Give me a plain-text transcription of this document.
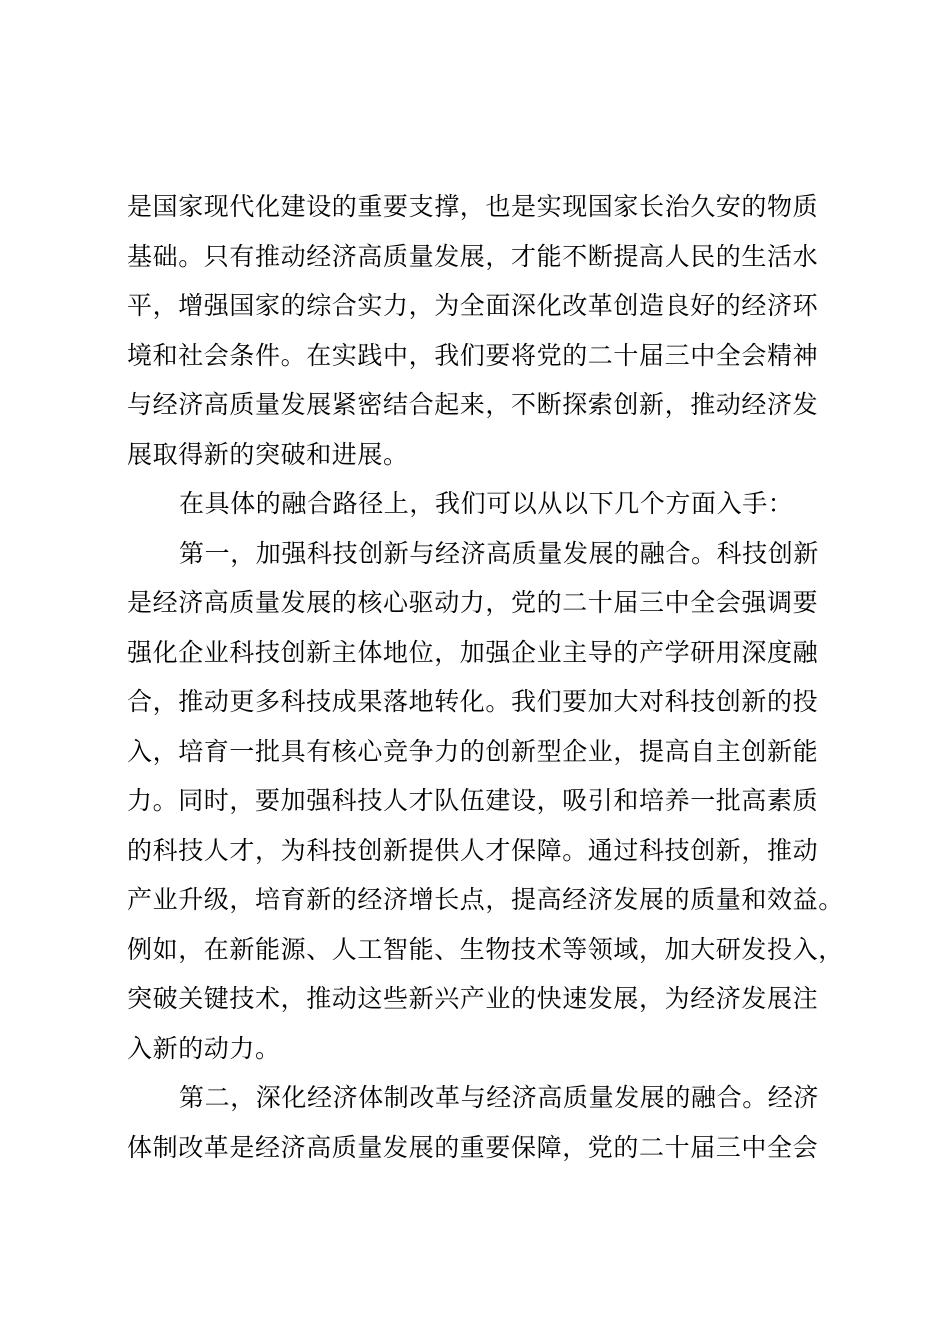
是国家现代化建设的重要支撑，也是实现国家长治久安的物质
基础。只有推动经济高质量发展，才能不断提高人民的生活水
平，增强国家的综合实力，为全面深化改革创造良好的经济环
境和社会条件。在实践中，我们要将党的二十届三中全会精神
与经济高质量发展紧密结合起来，不断探索创新，推动经济发
展取得新的突破和进展。
在具体的融合路径上，我们可以从以下几个方面入手：
第一，加强科技创新与经济高质量发展的融合。科技创新
是经济高质量发展的核心驱动力，党的二十届三中全会强调要
强化企业科技创新主体地位，加强企业主导的产学研用深度融
合，推动更多科技成果落地转化。我们要加大对科技创新的投
入，培育一批具有核心竞争力的创新型企业，提高自主创新能
力。同时，要加强科技人才队伍建设，吸引和培养一批高素质
的科技人才，为科技创新提供人才保障。通过科技创新，推动
产业升级，培育新的经济增长点，提高经济发展的质量和效益。
例如，在新能源、人工智能、生物技术等领域，加大研发投入，
突破关键技术，推动这些新兴产业的快速发展，为经济发展注
入新的动力。
第二，深化经济体制改革与经济高质量发展的融合。经济
体制改革是经济高质量发展的重要保障，党的二十届三中全会
